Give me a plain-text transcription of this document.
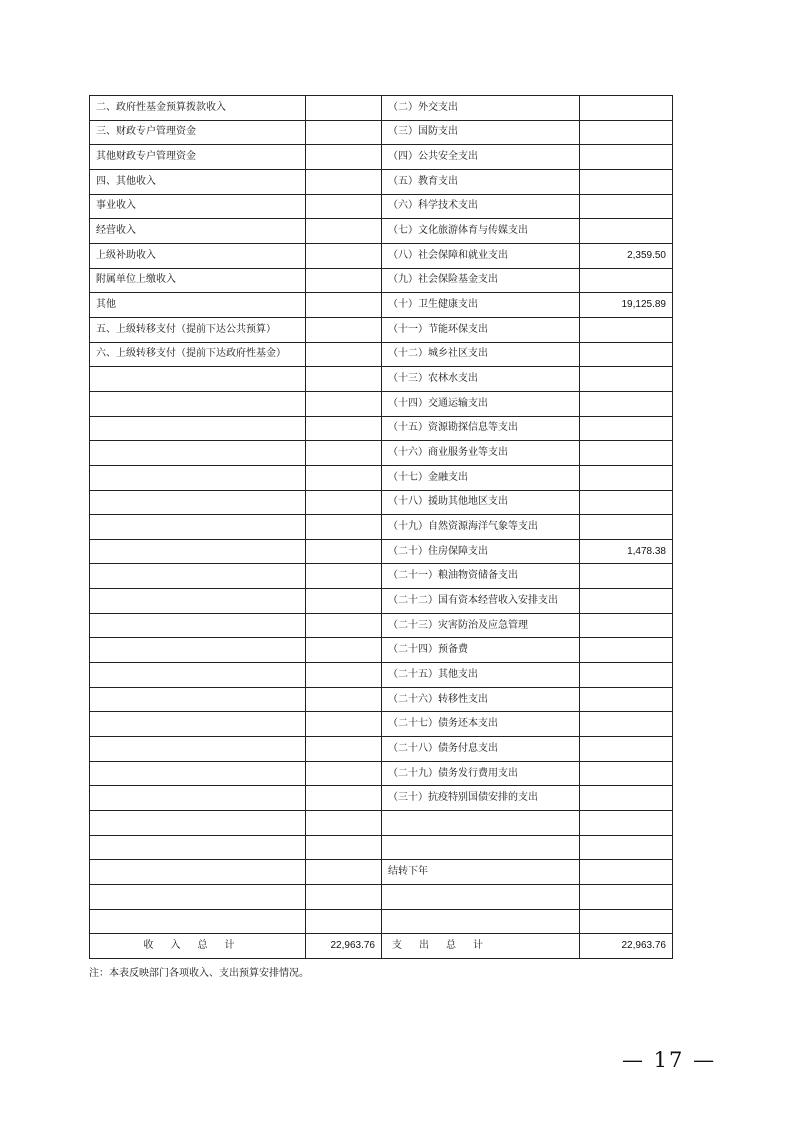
二、政府性基金预算拨款收入		（二）外交支出	
三、财政专户管理资金		（三）国防支出	
其他财政专户管理资金		（四）公共安全支出	
四、其他收入		（五）教育支出	
事业收入		（六）科学技术支出	
经营收入		（七）文化旅游体育与传媒支出	
上级补助收入		（八）社会保障和就业支出	2,359.50
附属单位上缴收入		（九）社会保险基金支出	
其他		（十）卫生健康支出	19,125.89
五、上级转移支付（提前下达公共预算）		（十一）节能环保支出	
六、上级转移支付（提前下达政府性基金）		（十二）城乡社区支出	
		（十三）农林水支出	
		（十四）交通运输支出	
		（十五）资源勘探信息等支出	
		（十六）商业服务业等支出	
		（十七）金融支出	
		（十八）援助其他地区支出	
		（十九）自然资源海洋气象等支出	
		（二十）住房保障支出	1,478.38
		（二十一）粮油物资储备支出	
		（二十二）国有资本经营收入安排支出	
		（二十三）灾害防治及应急管理	
		（二十四）预备费	
		（二十五）其他支出	
		（二十六）转移性支出	
		（二十七）债务还本支出	
		（二十八）债务付息支出	
		（二十九）债务发行费用支出	
		（三十）抗疫特别国债安排的支出	

		结转下年	

收入总计	22,963.76	支出总计	22,963.76
注：本表反映部门各项收入、支出预算安排情况。
— 17 —
